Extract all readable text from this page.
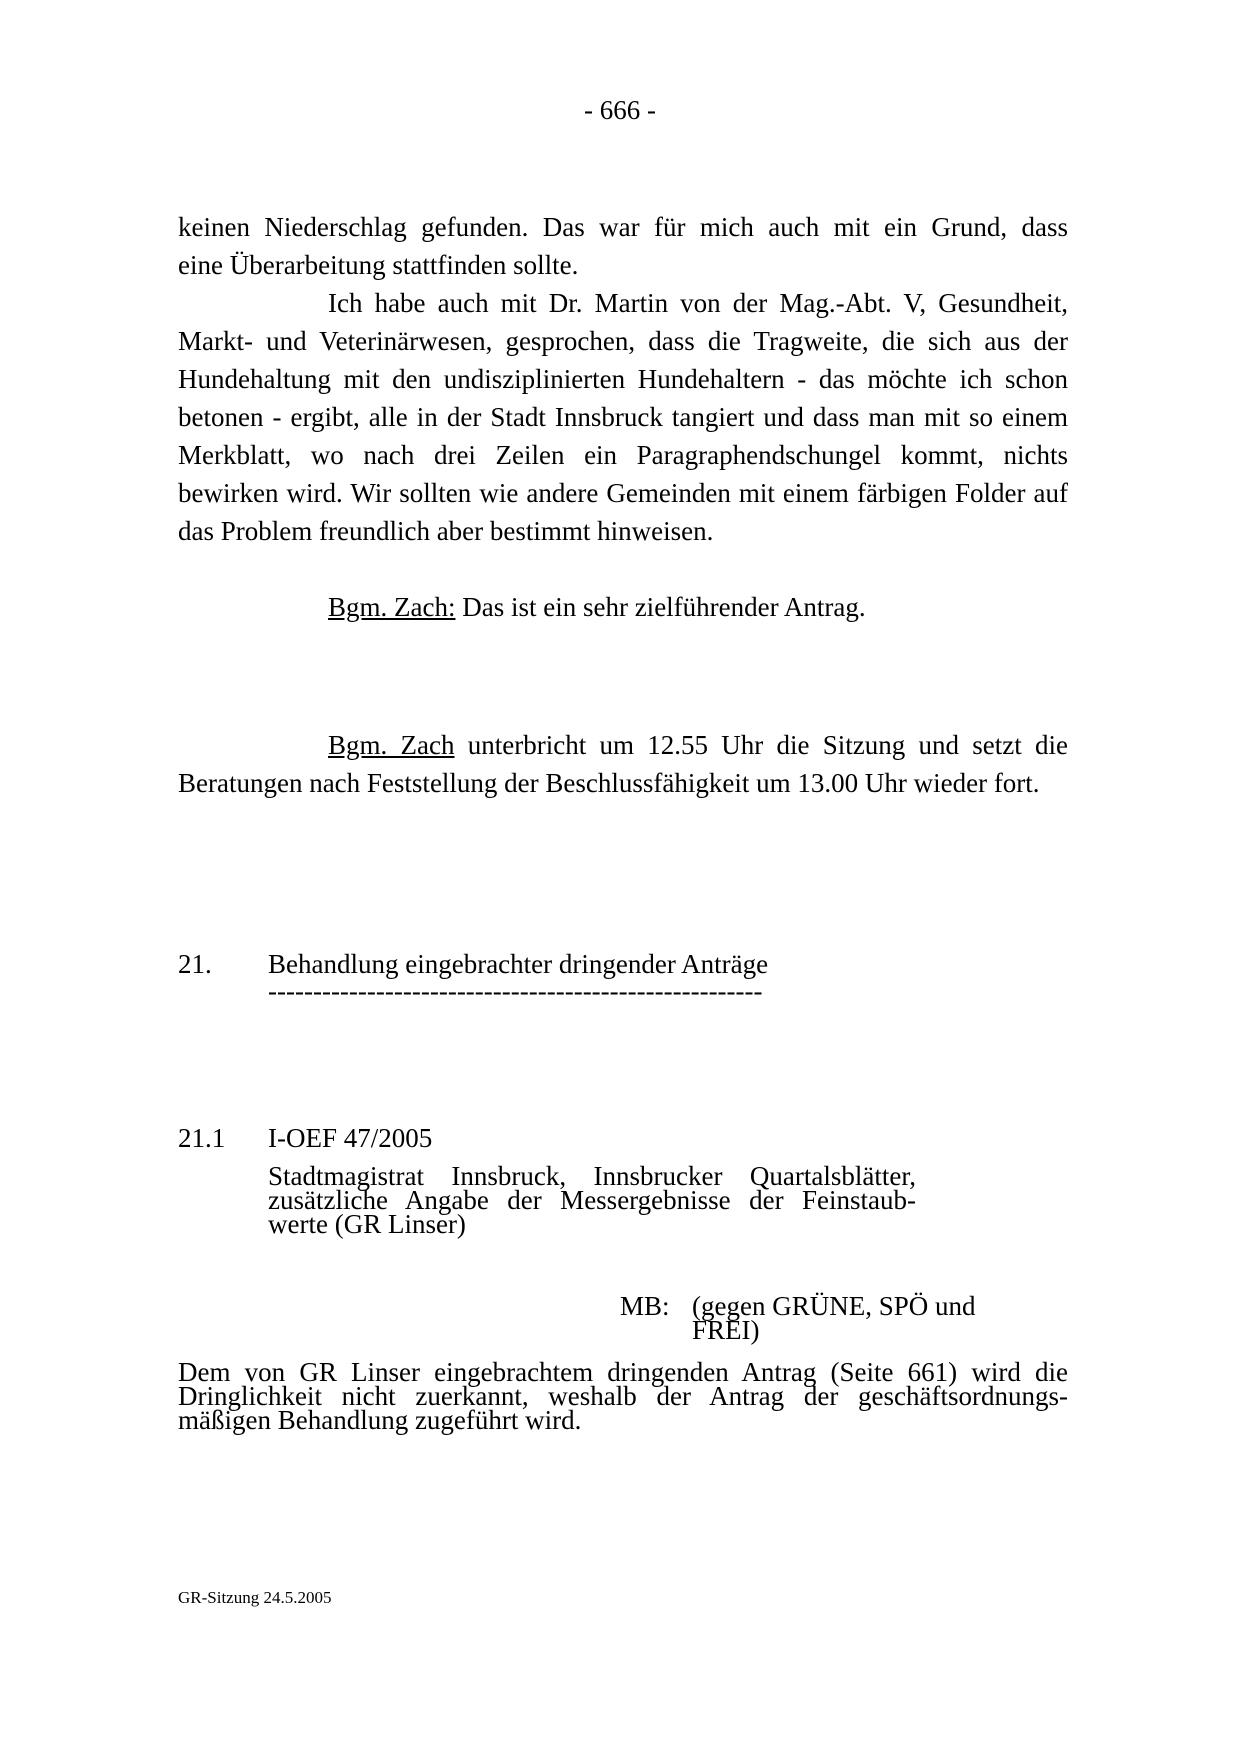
- 666 -
keinen Niederschlag gefunden. Das war für mich auch mit ein Grund, dass
eine Überarbeitung stattfinden sollte.
Ich habe auch mit Dr. Martin von der Mag.-Abt. V, Gesundheit, Markt- und Veterinärwesen, gesprochen, dass die Tragweite, die sich aus der Hundehaltung mit den undisziplinierten Hundehaltern - das möchte ich schon betonen - ergibt, alle in der Stadt Innsbruck tangiert und dass man mit so einem Merkblatt, wo nach drei Zeilen ein Paragraphendschungel kommt, nichts bewirken wird. Wir sollten wie andere Gemeinden mit einem färbigen Folder auf das Problem freundlich aber bestimmt hinweisen.
Bgm. Zach: Das ist ein sehr zielführender Antrag.
Bgm. Zach unterbricht um 12.55 Uhr die Sitzung und setzt die Beratungen nach Feststellung der Beschlussfähigkeit um 13.00 Uhr wieder fort.
21. Behandlung eingebrachter dringender Anträge
-------------------------------------------------------
21.1 I-OEF 47/2005
Stadtmagistrat Innsbruck, Innsbrucker Quartalsblätter,
zusätzliche Angabe der Messergebnisse der Feinstaub-
werte (GR Linser)
MB: (gegen GRÜNE, SPÖ und
FREI)
Dem von GR Linser eingebrachtem dringenden Antrag (Seite 661) wird die
Dringlichkeit nicht zuerkannt, weshalb der Antrag der geschäftsordnungs-
mäßigen Behandlung zugeführt wird.
GR-Sitzung 24.5.2005
